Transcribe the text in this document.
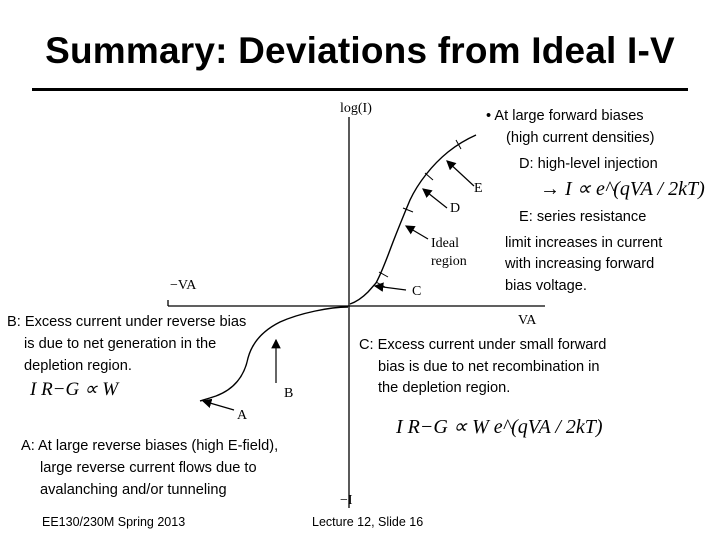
Summary: Deviations from Ideal I-V
log(I)
−I
VA
−VA
E
D
C
B
A
Ideal
region
• At large forward biases
(high current densities)
D: high-level injection
→ I ∝ e^(qVA / 2kT)
E: series resistance
limit increases in current
with increasing forward
bias voltage.
B: Excess current under reverse bias
is due to net generation in the
depletion region.
I R−G ∝ W
C: Excess current under small forward
bias is due to net recombination in
the depletion region.
I R−G ∝ W e^(qVA / 2kT)
A: At large reverse biases (high E-field),
large reverse current flows due to
avalanching and/or tunneling
EE130/230M Spring 2013	Lecture 12, Slide 16
